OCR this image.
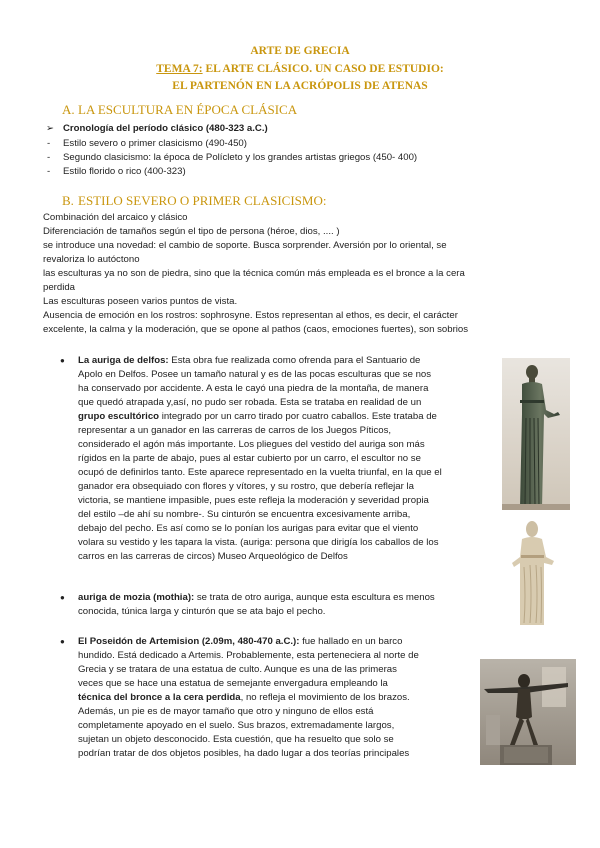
ARTE DE GRECIA
TEMA 7: EL ARTE CLÁSICO. UN CASO DE ESTUDIO:
EL PARTENÓN EN LA ACRÓPOLIS DE ATENAS
A. LA ESCULTURA EN ÉPOCA CLÁSICA
➢ Cronología del período clásico (480-323 a.C.)
- Estilo severo o primer clasicismo (490-450)
- Segundo clasicismo: la época de Polícleto y los grandes artistas griegos (450- 400)
- Estilo florido o rico (400-323)
B. ESTILO SEVERO O PRIMER CLASICISMO:
Combinación del arcaico y clásico
Diferenciación de tamaños según el tipo de persona (héroe, dios, .... )
se introduce una novedad: el cambio de soporte. Busca sorprender. Aversión por lo oriental, se
revaloriza lo autóctono
las esculturas ya no son de piedra, sino que la técnica común más empleada es el bronce a la cera
perdida
Las esculturas poseen varios puntos de vista.
Ausencia de emoción en los rostros: sophrosyne. Estos representan al ethos, es decir, el carácter
excelente, la calma y la moderación, que se opone al pathos (caos, emociones fuertes), son sobrios
● La auriga de delfos: Esta obra fue realizada como ofrenda para el Santuario de
Apolo en Delfos. Posee un tamaño natural y es de las pocas esculturas que se nos
ha conservado por accidente. A esta le cayó una piedra de la montaña, de manera
que quedó atrapada y,así, no pudo ser robada. Esta se trataba en realidad de un
grupo escultórico integrado por un carro tirado por cuatro caballos. Este trataba de
representar a un ganador en las carreras de carros de los Juegos Píticos,
considerado el agón más importante. Los pliegues del vestido del auriga son más
rígidos en la parte de abajo, pues al estar cubierto por un carro, el escultor no se
ocupó de definirlos tanto. Este aparece representado en la vuelta triunfal, en la que el
ganador era obsequiado con flores y vítores, y su rostro, que debería reflejar la
victoria, se mantiene impasible, pues este refleja la moderación y severidad propia
del estilo –de ahí su nombre-. Su cinturón se encuentra excesivamente arriba,
debajo del pecho. Es así como se lo ponían los aurigas para evitar que el viento
volara su vestido y les tapara la vista. (auriga: persona que dirigía los caballos de los
carros en las carreras de circos) Museo Arqueológico de Delfos
● auriga de mozia (mothia): se trata de otro auriga, aunque esta escultura es menos
conocida, túnica larga y cinturón que se ata bajo el pecho.
● El Poseidón de Artemision (2.09m, 480-470 a.C.): fue hallado en un barco
hundido. Está dedicado a Artemis. Probablemente, esta perteneciera al norte de
Grecia y se tratara de una estatua de culto. Aunque es una de las primeras
veces que se hace una estatua de semejante envergadura empleando la
técnica del bronce a la cera perdida, no refleja el movimiento de los brazos.
Además, un pie es de mayor tamaño que otro y ninguno de ellos está
completamente apoyado en el suelo. Sus brazos, extremadamente largos,
sujetan un objeto desconocido. Esta cuestión, que ha resuelto que solo se
podrían tratar de dos objetos posibles, ha dado lugar a dos teorías principales
